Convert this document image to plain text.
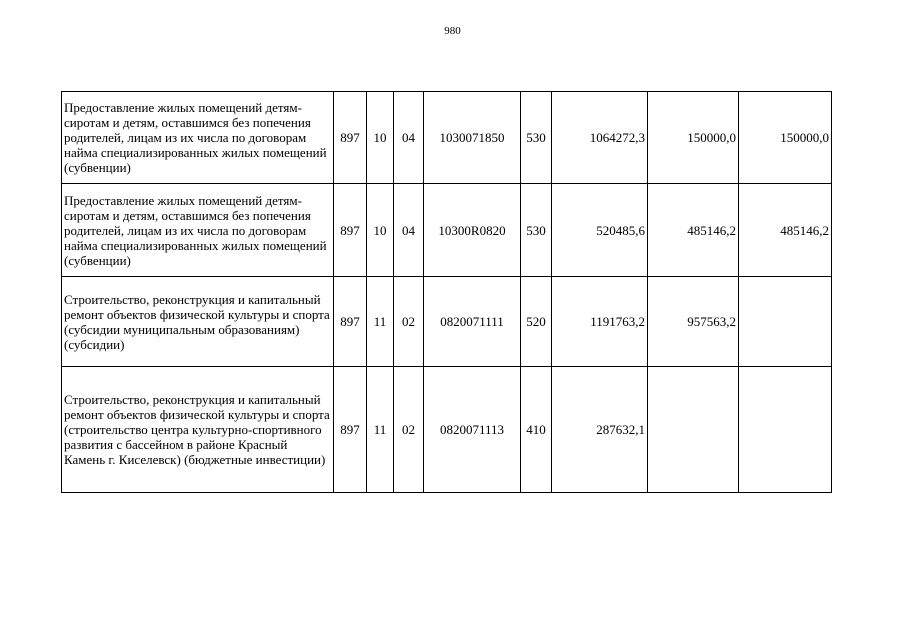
980
Предоставление жилых помещений детям-сиротам и детям, оставшимся без попечения родителей, лицам из их числа по договорам найма специализированных жилых помещений (субвенции)	897	10	04	1030071850	530	1064272,3	150000,0	150000,0
Предоставление жилых помещений детям-сиротам и детям, оставшимся без попечения родителей, лицам из их числа по договорам найма специализированных жилых помещений (субвенции)	897	10	04	10300R0820	530	520485,6	485146,2	485146,2
Строительство, реконструкция и капитальный ремонт объектов физической культуры и спорта (субсидии муниципальным образованиям) (субсидии)	897	11	02	0820071111	520	1191763,2	957563,2	
Строительство, реконструкция и капитальный ремонт объектов физической культуры и спорта (строительство центра культурно-спортивного развития с бассейном в районе Красный Камень г. Киселевск) (бюджетные инвестиции)	897	11	02	0820071113	410	287632,1		
